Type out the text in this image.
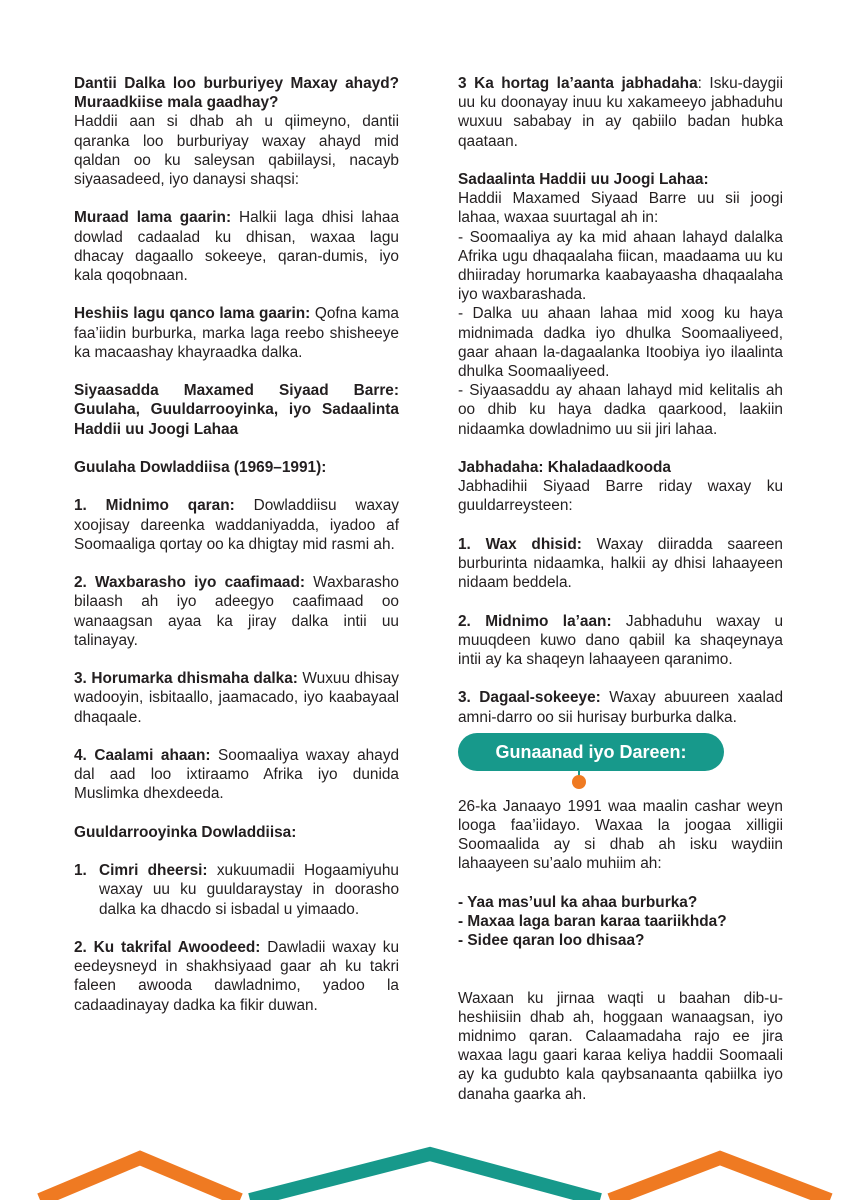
Dantii Dalka loo burburiyey Maxay ahayd? Muraadkiise mala gaadhay?
Haddii aan si dhab ah u qiimeyno, dantii qaranka loo burburiyay waxay ahayd mid qaldan oo ku saleysan qabiilaysi, nacayb siyaasadeed, iyo danaysi shaqsi:
Muraad lama gaarin: Halkii laga dhisi lahaa dowlad cadaalad ku dhisan, waxaa lagu dhacay dagaallo sokeeye, qaran-dumis, iyo kala qoqobnaan.
Heshiis lagu qanco lama gaarin: Qofna kama faa’iidin burburka, marka laga reebo shisheeye ka macaashay khayraadka dalka.
Siyaasadda Maxamed Siyaad Barre: Guulaha, Guuldarrooyinka, iyo Sadaalinta Haddii uu Joogi Lahaa
Guulaha Dowladdiisa (1969–1991):
1. Midnimo qaran: Dowladdiisu waxay xoojisay dareenka waddaniyadda, iyadoo af Soomaaliga qortay oo ka dhigtay mid rasmi ah.
2. Waxbarasho iyo caafimaad: Waxbarasho bilaash ah iyo adeegyo caafimaad oo wanaagsan ayaa ka jiray dalka intii uu talinayay.
3. Horumarka dhismaha dalka: Wuxuu dhisay wadooyin, isbitaallo, jaamacado, iyo kaabayaal dhaqaale.
4. Caalami ahaan: Soomaaliya waxay ahayd dal aad loo ixtiraamo Afrika iyo dunida Muslimka dhexdeeda.
Guuldarrooyinka Dowladdiisa:
1. Cimri dheersi: xukuumadii Hogaamiyuhu waxay uu ku guuldaraystay in doorasho dalka ka dhacdo si isbadal u yimaado.
2. Ku takrifal Awoodeed: Dawladii waxay ku eedeysneyd in shakhsiyaad gaar ah ku takri faleen awooda dawladnimo, yadoo la cadaadinayay dadka ka fikir duwan.
3 Ka hortag la’aanta jabhadaha: Isku-daygii uu ku doonayay inuu ku xakameeyo jabhaduhu wuxuu sababay in ay qabiilo badan hubka qaataan.
Sadaalinta Haddii uu Joogi Lahaa:
Haddii Maxamed Siyaad Barre uu sii joogi lahaa, waxaa suurtagal ah in:
- Soomaaliya ay ka mid ahaan lahayd dalalka Afrika ugu dhaqaalaha fiican, maadaama uu ku dhiiraday horumarka kaabayaasha dhaqaalaha iyo waxbarashada.
- Dalka uu ahaan lahaa mid xoog ku haya midnimada dadka iyo dhulka Soomaaliyeed, gaar ahaan la-dagaalanka Itoobiya iyo ilaalinta dhulka Soomaaliyeed.
- Siyaasaddu ay ahaan lahayd mid kelitalis ah oo dhib ku haya dadka qaarkood, laakiin nidaamka dowladnimo uu sii jiri lahaa.
Jabhadaha: Khaladaadkooda
Jabhadihii Siyaad Barre riday waxay ku guuldarreysteen:
1. Wax dhisid: Waxay diiradda saareen burburinta nidaamka, halkii ay dhisi lahaayeen nidaam beddela.
2. Midnimo la’aan: Jabhaduhu waxay u muuqdeen kuwo dano qabiil ka shaqeynaya intii ay ka shaqeyn lahaayeen qaranimo.
3. Dagaal-sokeeye: Waxay abuureen xaalad amni-darro oo sii hurisay burburka dalka.
Gunaanad iyo Dareen:
26-ka Janaayo 1991 waa maalin cashar weyn looga faa’iidayo. Waxaa la joogaa xilligii Soomaalida ay si dhab ah isku waydiin lahaayeen su’aalo muhiim ah:
- Yaa mas’uul ka ahaa burburka?
- Maxaa laga baran karaa taariikhda?
- Sidee qaran loo dhisaa?
Waxaan ku jirnaa waqti u baahan dib-u-heshiisiin dhab ah, hoggaan wanaagsan, iyo midnimo qaran. Calaamadaha rajo ee jira waxaa lagu gaari karaa keliya haddii Soomaali ay ka gudubto kala qaybsanaanta qabiilka iyo danaha gaarka ah.
